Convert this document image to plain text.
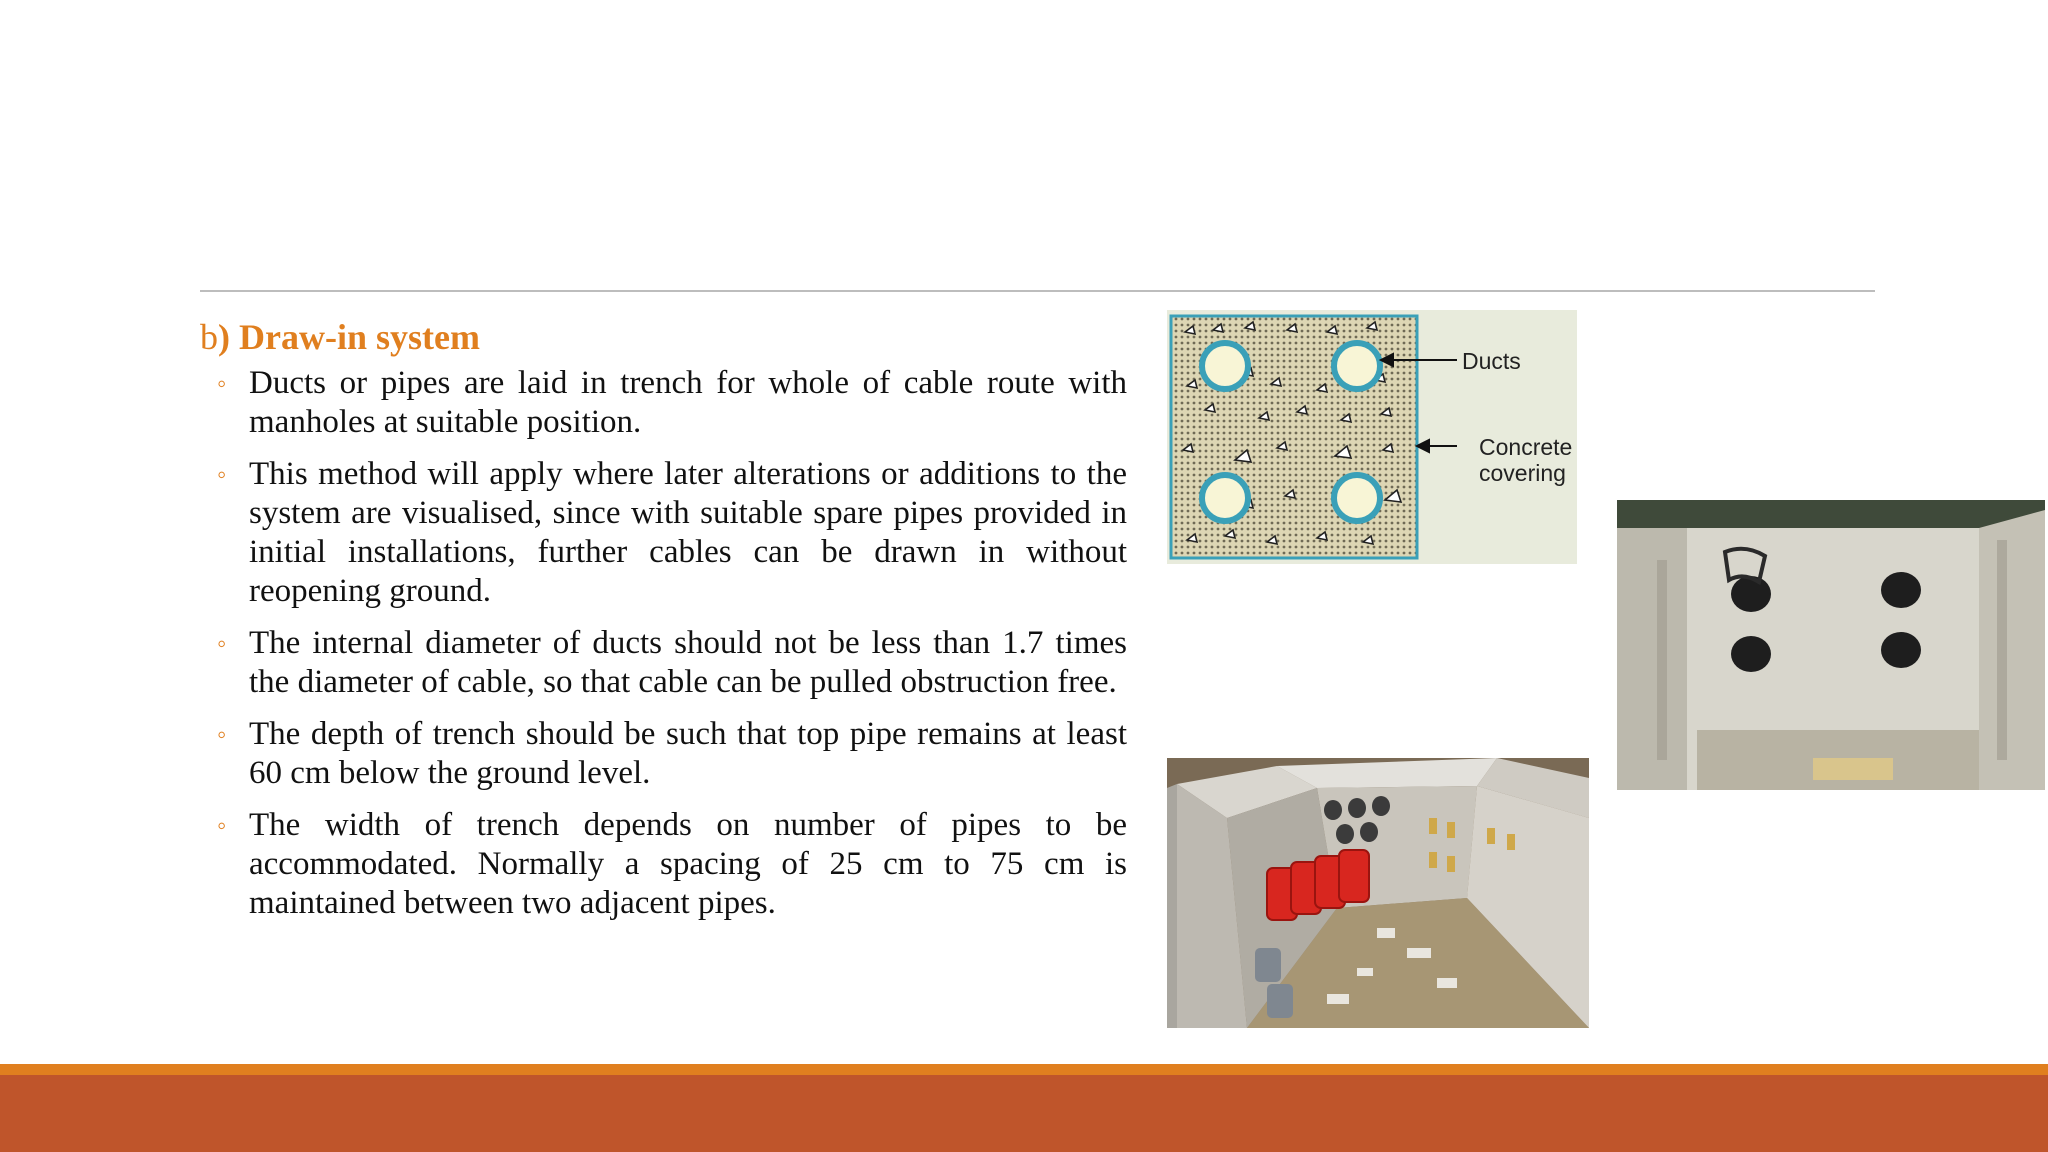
b) Draw-in system
◦ Ducts or pipes are laid in trench for whole of cable route with manholes at suitable position.
◦ This method will apply where later alterations or additions to the system are visualised, since with suitable spare pipes provided in initial installations, further cables can be drawn in without reopening ground.
◦ The internal diameter of ducts should not be less than 1.7 times the diameter of cable, so that cable can be pulled obstruction free.
◦ The depth of trench should be such that top pipe remains at least 60 cm below the ground level.
◦ The width of trench depends on number of pipes to be accommodated. Normally a spacing of 25 cm to 75 cm is maintained between two adjacent pipes.
Ducts
Concrete
covering
